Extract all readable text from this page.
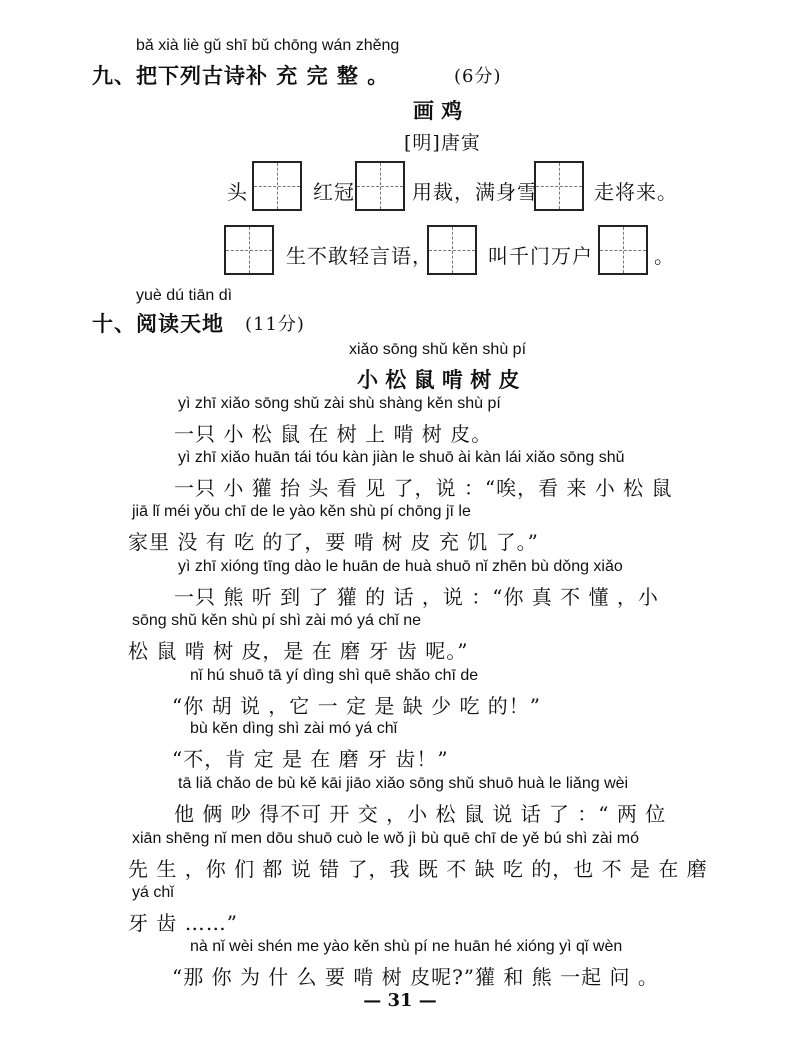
bǎ xià liè gǔ shī bǔ chōng wán zhěng
九、把下列古诗补 充 完 整 。	(6分)
画 鸡
[明]唐寅
头	红冠	用裁，满身雪	走将来。
生不敢轻言语，	叫千门万户	。
yuè dú tiān dì
十、阅读天地 (11分)
xiǎo sōng shǔ kěn shù pí
小 松 鼠 啃 树 皮
yì zhī xiǎo sōng shǔ zài shù shàng kěn shù pí
一只 小 松 鼠 在 树 上 啃 树 皮。
yì zhī xiǎo huān tái tóu kàn jiàn le shuō ài kàn lái xiǎo sōng shǔ
一只 小 獾 抬 头 看 见 了，说 ：“唉，看 来 小 松 鼠
jiā lǐ méi yǒu chī de le yào kěn shù pí chōng jī le
家里 没 有 吃 的了，要 啃 树 皮 充 饥 了。”
yì zhī xióng tīng dào le huān de huà shuō nǐ zhēn bù dǒng xiǎo
一只 熊 听 到 了 獾 的 话 ，说 ：“你 真 不 懂 ，小
sōng shǔ kěn shù pí shì zài mó yá chǐ ne
松 鼠 啃 树 皮，是 在 磨 牙 齿 呢。”
nǐ hú shuō tā yí dìng shì quē shǎo chī de
“你 胡 说 ，它 一 定 是 缺 少 吃 的！”
bù kěn dìng shì zài mó yá chǐ
“不，肯 定 是 在 磨 牙 齿！”
tā liǎ chǎo de bù kě kāi jiāo xiǎo sōng shǔ shuō huà le liǎng wèi
他 俩 吵 得不可 开 交 ，小 松 鼠 说 话 了 ：“ 两 位
xiān shēng nǐ men dōu shuō cuò le wǒ jì bù quē chī de yě bú shì zài mó
先 生 ，你 们 都 说 错 了，我 既 不 缺 吃 的，也 不 是 在 磨
yá chǐ
牙 齿 ……”
nà nǐ wèi shén me yào kěn shù pí ne huān hé xióng yì qǐ wèn
“那 你 为 什 么 要 啃 树 皮呢?”獾 和 熊 一起 问 。
— 31 —
